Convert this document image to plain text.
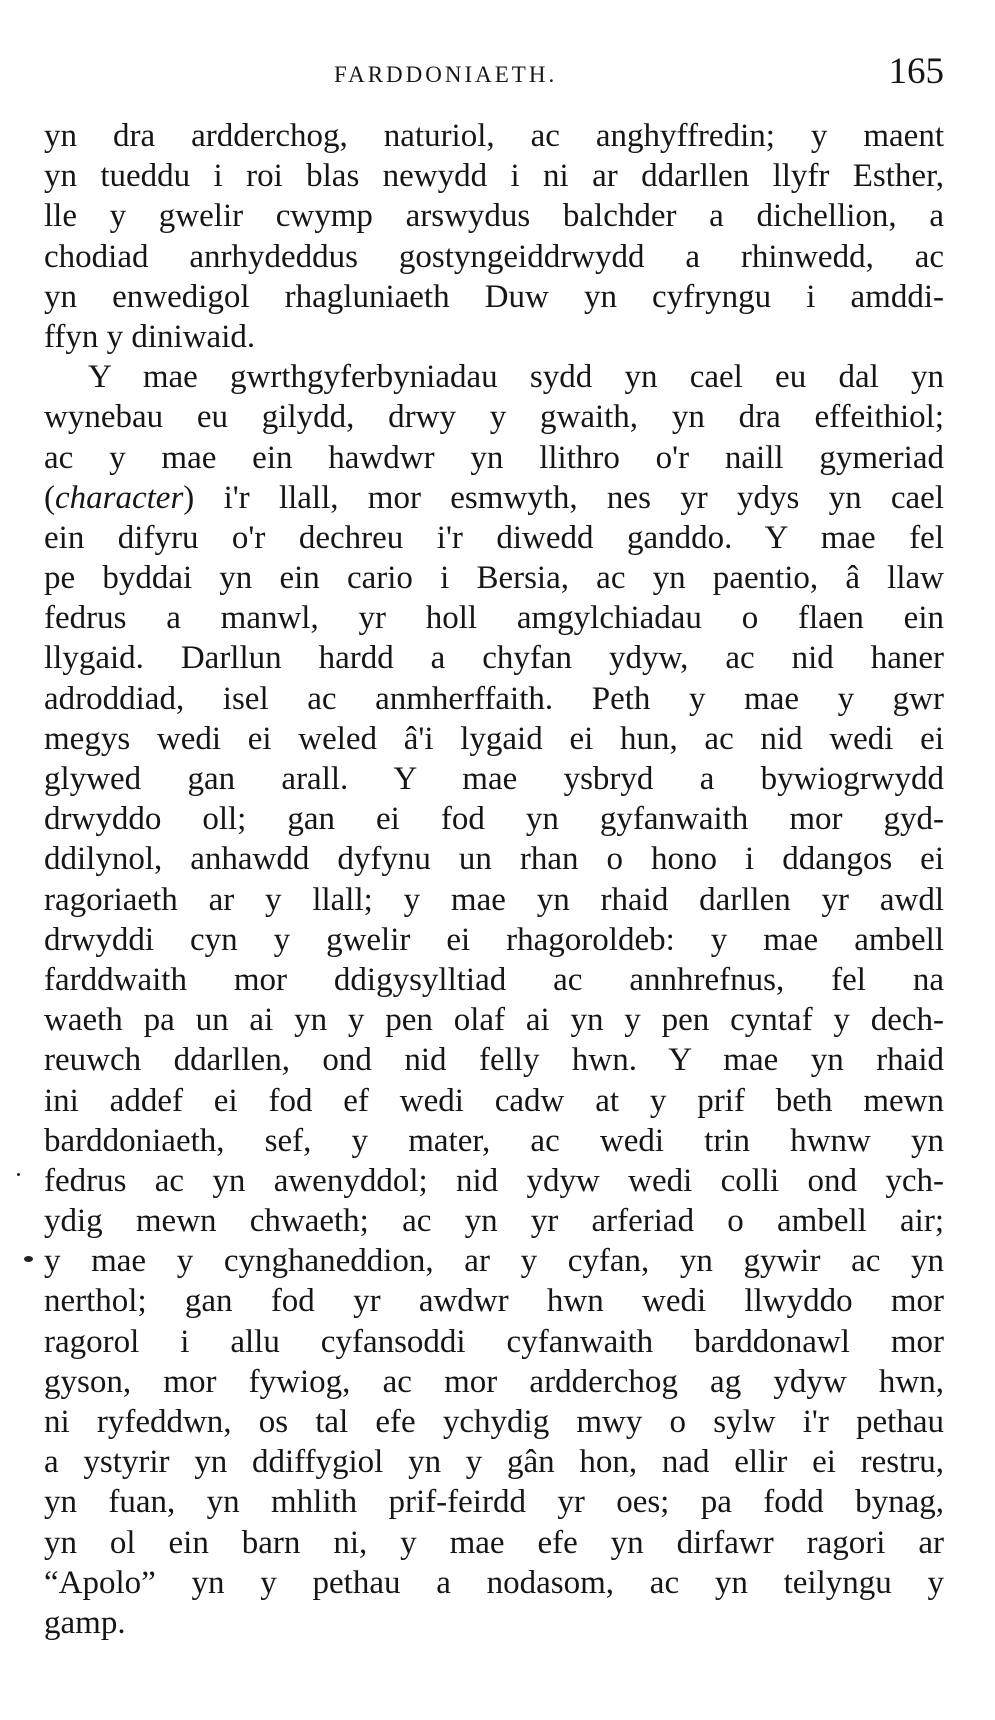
FARDDONIAETH.	165
yn dra ardderchog, naturiol, ac anghyffredin; y maent
yn tueddu i roi blas newydd i ni ar ddarllen llyfr Esther,
lle y gwelir cwymp arswydus balchder a dichellion, a
chodiad anrhydeddus gostyngeiddrwydd a rhinwedd, ac
yn enwedigol rhagluniaeth Duw yn cyfryngu i amddi-
ffyn y diniwaid.
Y mae gwrthgyferbyniadau sydd yn cael eu dal yn
wynebau eu gilydd, drwy y gwaith, yn dra effeithiol;
ac y mae ein hawdwr yn llithro o'r naill gymeriad
(character) i'r llall, mor esmwyth, nes yr ydys yn cael
ein difyru o'r dechreu i'r diwedd ganddo. Y mae fel
pe byddai yn ein cario i Bersia, ac yn paentio, â llaw
fedrus a manwl, yr holl amgylchiadau o flaen ein
llygaid. Darllun hardd a chyfan ydyw, ac nid haner
adroddiad, isel ac anmherffaith. Peth y mae y gwr
megys wedi ei weled â'i lygaid ei hun, ac nid wedi ei
glywed gan arall. Y mae ysbryd a bywiogrwydd
drwyddo oll; gan ei fod yn gyfanwaith mor gyd-
ddilynol, anhawdd dyfynu un rhan o hono i ddangos ei
ragoriaeth ar y llall; y mae yn rhaid darllen yr awdl
drwyddi cyn y gwelir ei rhagoroldeb: y mae ambell
farddwaith mor ddigysylltiad ac annhrefnus, fel na
waeth pa un ai yn y pen olaf ai yn y pen cyntaf y dech-
reuwch ddarllen, ond nid felly hwn. Y mae yn rhaid
ini addef ei fod ef wedi cadw at y prif beth mewn
barddoniaeth, sef, y mater, ac wedi trin hwnw yn
fedrus ac yn awenyddol; nid ydyw wedi colli ond ych-
ydig mewn chwaeth; ac yn yr arferiad o ambell air;
y mae y cynghaneddion, ar y cyfan, yn gywir ac yn
nerthol; gan fod yr awdwr hwn wedi llwyddo mor
ragorol i allu cyfansoddi cyfanwaith barddonawl mor
gyson, mor fywiog, ac mor ardderchog ag ydyw hwn,
ni ryfeddwn, os tal efe ychydig mwy o sylw i'r pethau
a ystyrir yn ddiffygiol yn y gân hon, nad ellir ei restru,
yn fuan, yn mhlith prif-feirdd yr oes; pa fodd bynag,
yn ol ein barn ni, y mae efe yn dirfawr ragori ar
“Apolo” yn y pethau a nodasom, ac yn teilyngu y
gamp.
